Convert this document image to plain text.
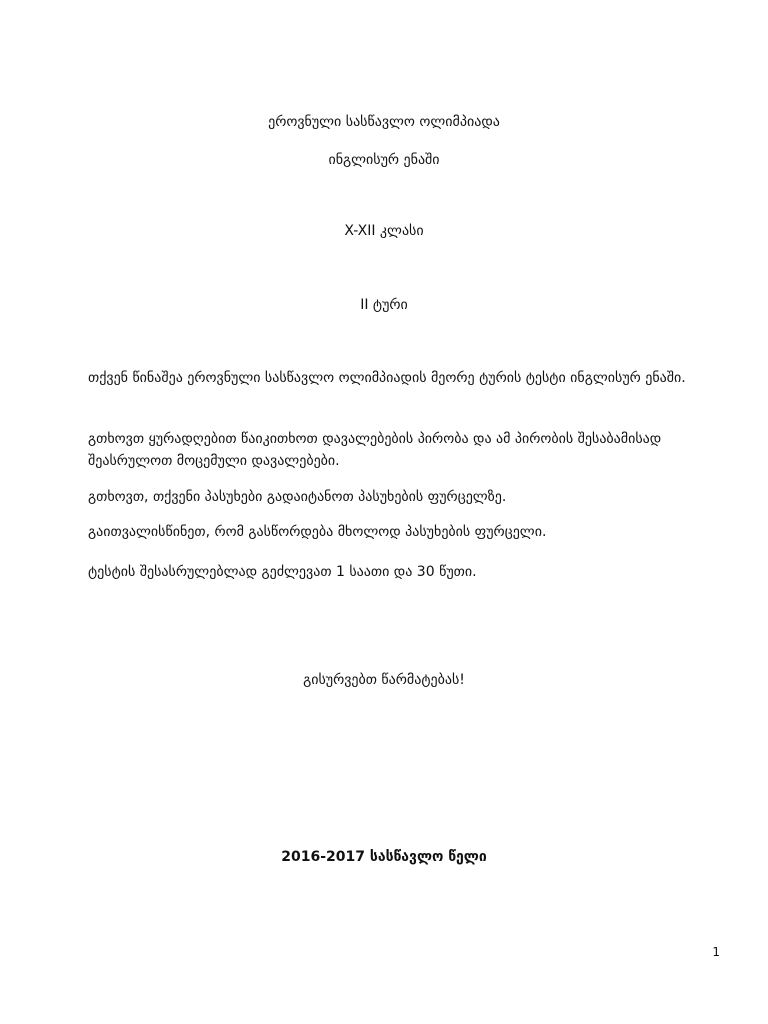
ეროვნული სასწავლო ოლიმპიადა
ინგლისურ ენაში
X-XII კლასი
II ტური
თქვენ წინაშეა ეროვნული სასწავლო ოლიმპიადის მეორე ტურის ტესტი ინგლისურ ენაში.
გთხოვთ ყურადღებით წაიკითხოთ დავალებების პირობა და ამ პირობის შესაბამისად შეასრულოთ მოცემული დავალებები.
გთხოვთ, თქვენი პასუხები გადაიტანოთ პასუხების ფურცელზე.
გაითვალისწინეთ, რომ გასწორდება მხოლოდ პასუხების ფურცელი.
ტესტის შესასრულებლად გეძლევათ 1 საათი და 30 წუთი.
გისურვებთ წარმატებას!
2016-2017 სასწავლო წელი
1
